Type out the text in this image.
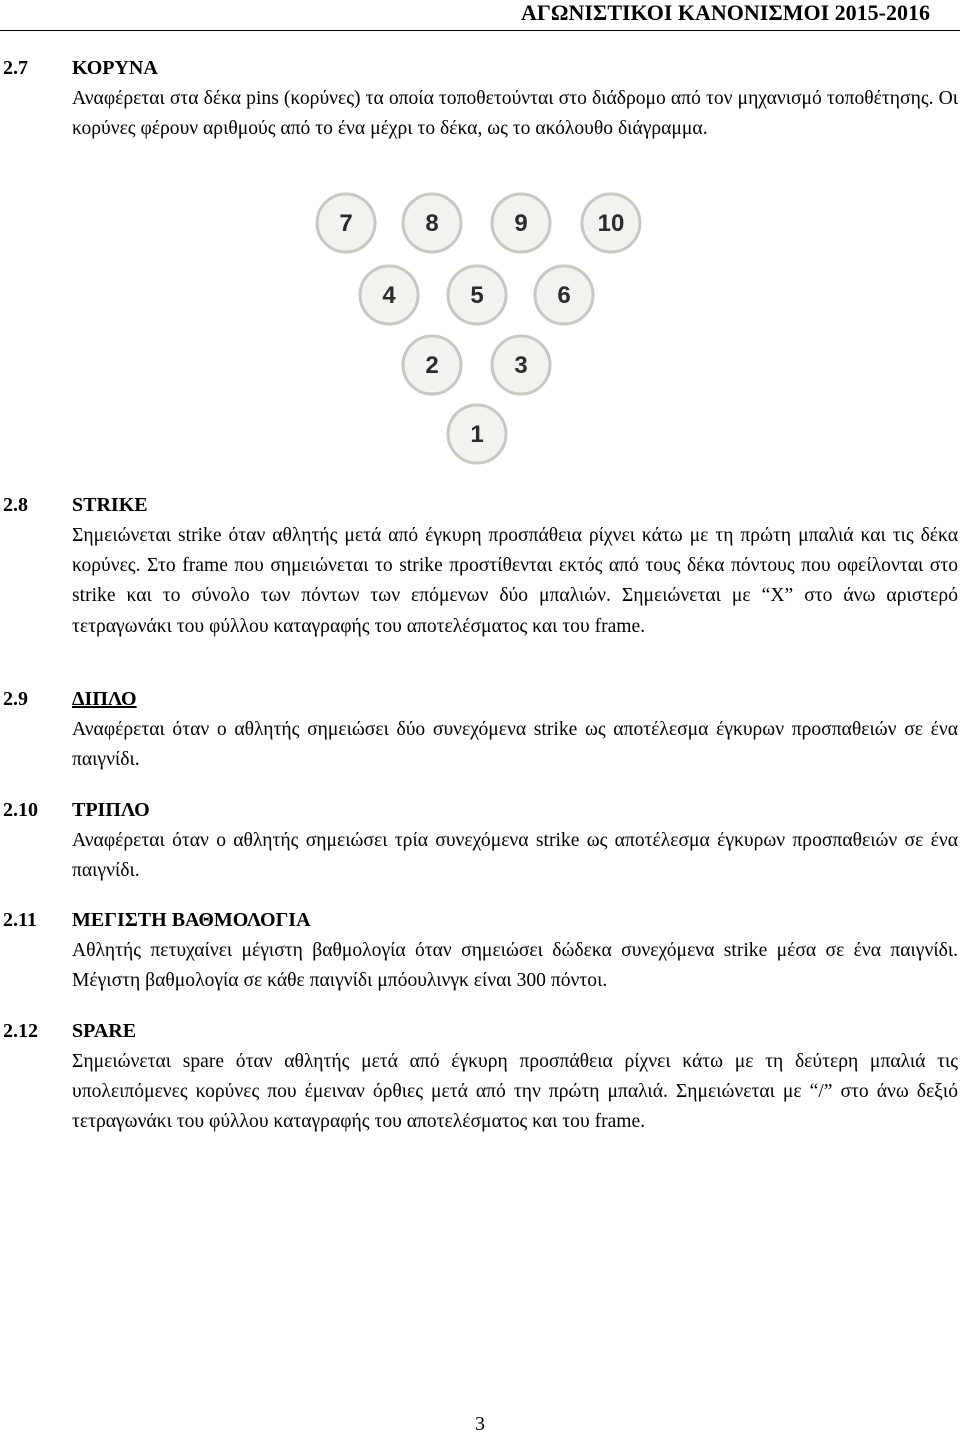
ΑΓΩΝΙΣΤΙΚΟΙ ΚΑΝΟΝΙΣΜΟΙ 2015-2016
2.7 ΚΟΡΥΝΑ
Αναφέρεται στα δέκα pins (κορύνες) τα οποία τοποθετούνται στο διάδρομο από τον μηχανισμό τοποθέτησης. Οι κορύνες φέρουν αριθμούς από το ένα μέχρι το δέκα, ως το ακόλουθο διάγραμμα.
7	8	9	10
4	5	6
2	3
1
2.8 STRIKE
Σημειώνεται strike όταν αθλητής μετά από έγκυρη προσπάθεια ρίχνει κάτω με τη πρώτη μπαλιά και τις δέκα κορύνες. Στο frame που σημειώνεται το strike προστίθενται εκτός από τους δέκα πόντους που οφείλονται στο strike και το σύνολο των πόντων των επόμενων δύο μπαλιών. Σημειώνεται με “X” στο άνω αριστερό τετραγωνάκι του φύλλου καταγραφής του αποτελέσματος και του frame.
2.9 ΔΙΠΛΟ
Αναφέρεται όταν ο αθλητής σημειώσει δύο συνεχόμενα strike ως αποτέλεσμα έγκυρων προσπαθειών σε ένα παιγνίδι.
2.10 ΤΡΙΠΛΟ
Αναφέρεται όταν ο αθλητής σημειώσει τρία συνεχόμενα strike ως αποτέλεσμα έγκυρων προσπαθειών σε ένα παιγνίδι.
2.11 ΜΕΓΙΣΤΗ ΒΑΘΜΟΛΟΓΙΑ
Αθλητής πετυχαίνει μέγιστη βαθμολογία όταν σημειώσει δώδεκα συνεχόμενα strike μέσα σε ένα παιγνίδι. Μέγιστη βαθμολογία σε κάθε παιγνίδι μπόουλινγκ είναι 300 πόντοι.
2.12 SPARE
Σημειώνεται spare όταν αθλητής μετά από έγκυρη προσπάθεια ρίχνει κάτω με τη δεύτερη μπαλιά τις υπολειπόμενες κορύνες που έμειναν όρθιες μετά από την πρώτη μπαλιά. Σημειώνεται με “/” στο άνω δεξιό τετραγωνάκι του φύλλου καταγραφής του αποτελέσματος και του frame.
3
